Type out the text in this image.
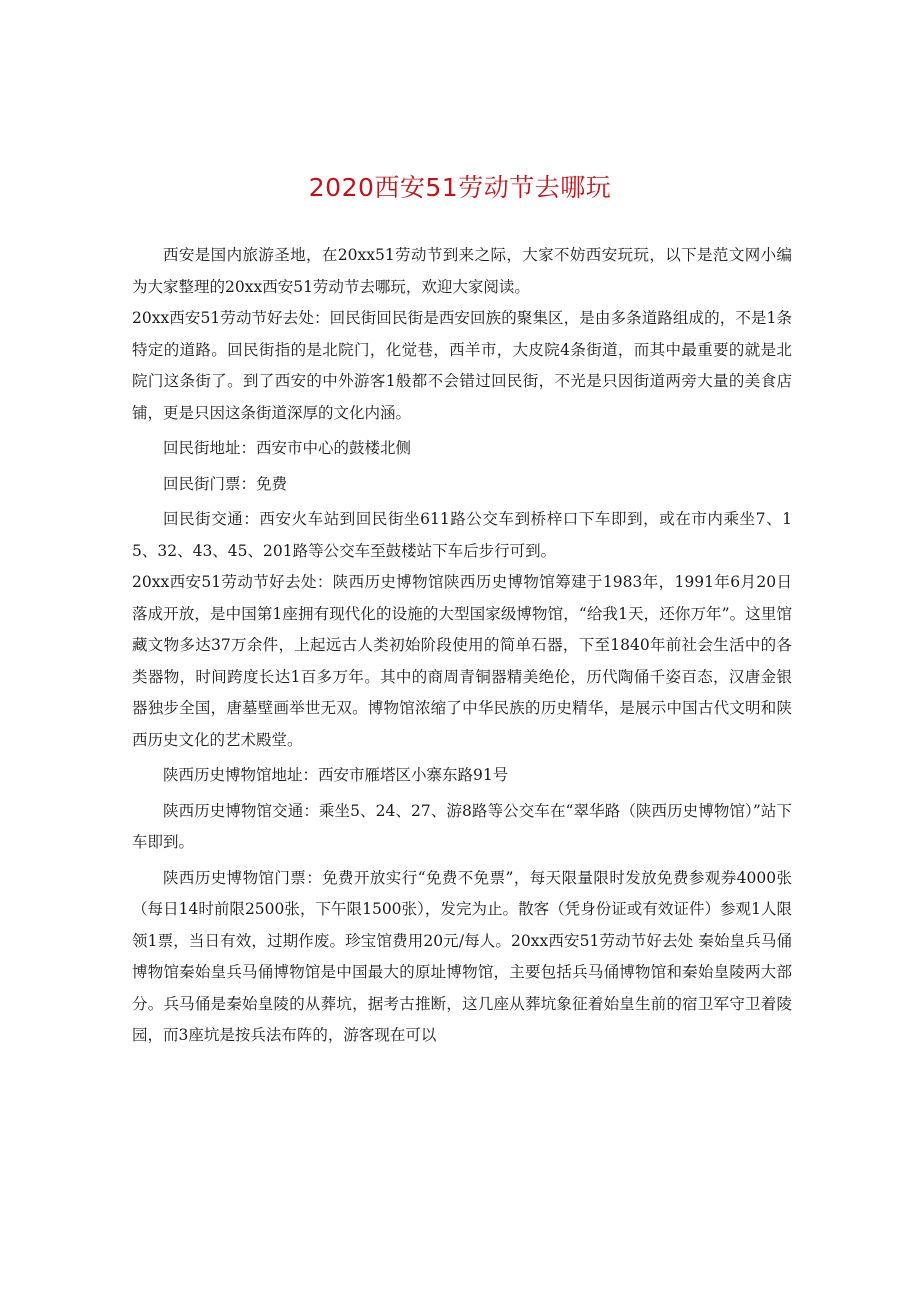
2020西安51劳动节去哪玩

西安是国内旅游圣地，在20xx51劳动节到来之际，大家不妨西安玩玩，以下是范文网小编为大家整理的20xx西安51劳动节去哪玩，欢迎大家阅读。

20xx西安51劳动节好去处：回民街回民街是西安回族的聚集区，是由多条道路组成的，不是1条特定的道路。回民街指的是北院门，化觉巷，西羊市，大皮院4条街道，而其中最重要的就是北院门这条街了。到了西安的中外游客1般都不会错过回民街，不光是只因街道两旁大量的美食店铺，更是只因这条街道深厚的文化内涵。

回民街地址：西安市中心的鼓楼北侧

回民街门票：免费

回民街交通：西安火车站到回民街坐611路公交车到桥梓口下车即到，或在市内乘坐7、15、32、43、45、201路等公交车至鼓楼站下车后步行可到。

20xx西安51劳动节好去处：陕西历史博物馆陕西历史博物馆筹建于1983年，1991年6月20日落成开放，是中国第1座拥有现代化的设施的大型国家级博物馆，“给我1天，还你万年”。这里馆藏文物多达37万余件，上起远古人类初始阶段使用的简单石器，下至1840年前社会生活中的各类器物，时间跨度长达1百多万年。其中的商周青铜器精美绝伦，历代陶俑千姿百态，汉唐金银器独步全国，唐墓壁画举世无双。博物馆浓缩了中华民族的历史精华，是展示中国古代文明和陕西历史文化的艺术殿堂。

陕西历史博物馆地址：西安市雁塔区小寨东路91号

陕西历史博物馆交通：乘坐5、24、27、游8路等公交车在“翠华路（陕西历史博物馆）”站下车即到。

陕西历史博物馆门票：免费开放实行“免费不免票”，每天限量限时发放免费参观券4000张（每日14时前限2500张，下午限1500张），发完为止。散客（凭身份证或有效证件）参观1人限领1票，当日有效，过期作废。珍宝馆费用20元/每人。20xx西安51劳动节好去处 秦始皇兵马俑博物馆秦始皇兵马俑博物馆是中国最大的原址博物馆，主要包括兵马俑博物馆和秦始皇陵两大部分。兵马俑是秦始皇陵的从葬坑，据考古推断，这几座从葬坑象征着始皇生前的宿卫军守卫着陵园，而3座坑是按兵法布阵的，游客现在可以
